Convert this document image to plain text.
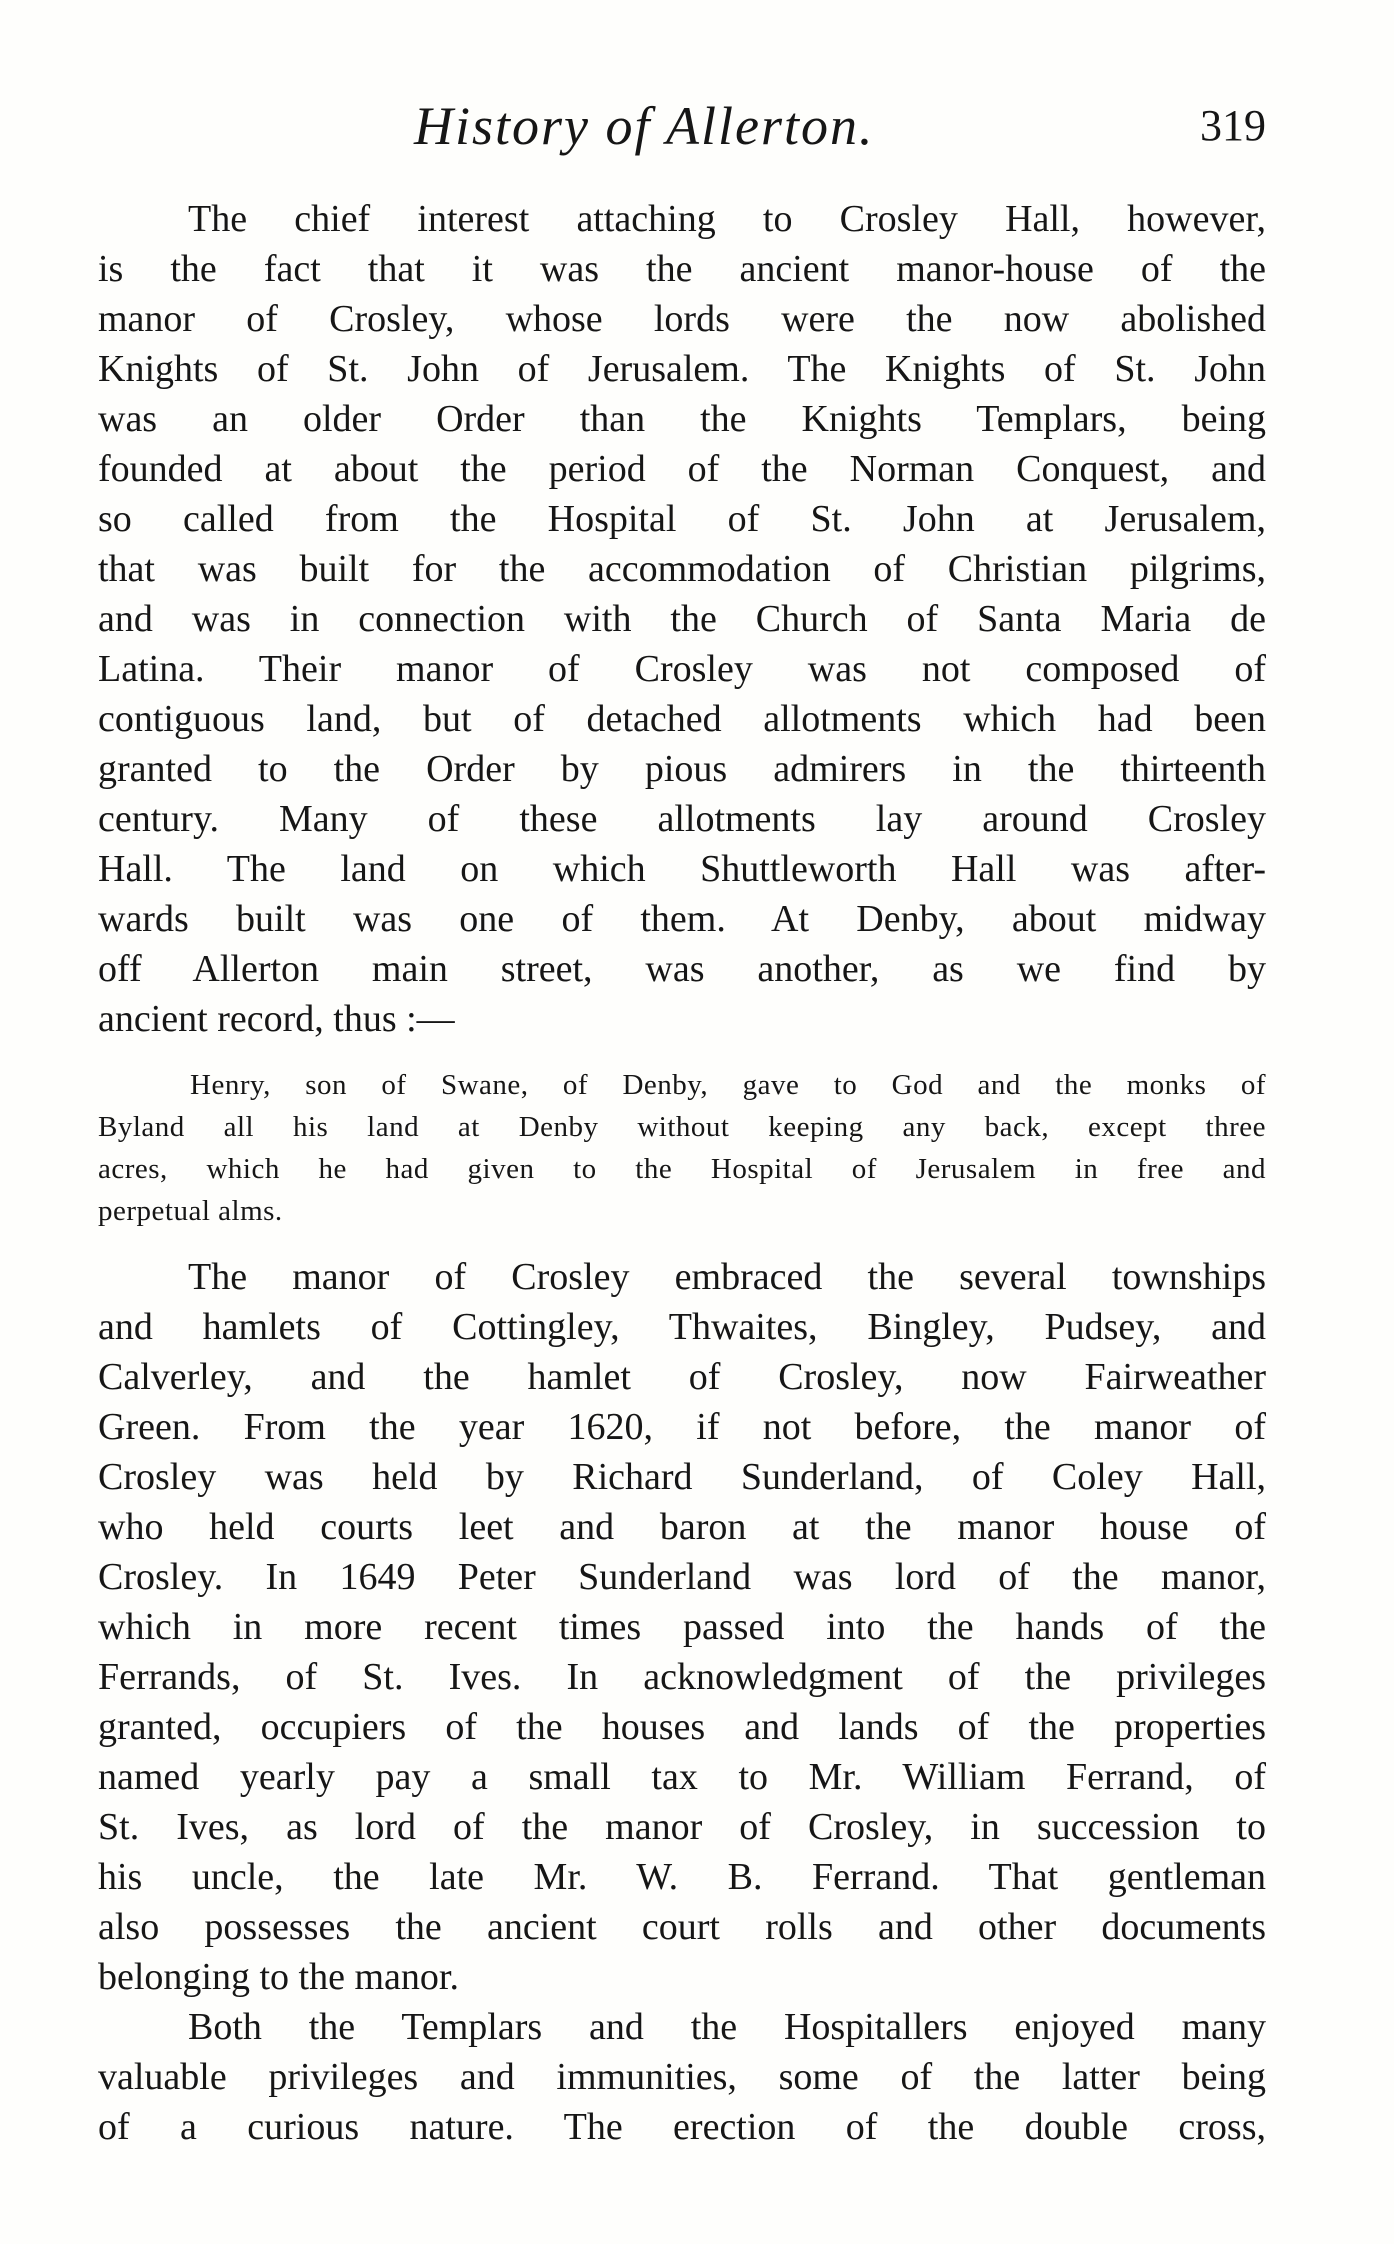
History of Allerton.	319

The chief interest attaching to Crosley Hall, however,
is the fact that it was the ancient manor-house of the
manor of Crosley, whose lords were the now abolished
Knights of St. John of Jerusalem. The Knights of St. John
was an older Order than the Knights Templars, being
founded at about the period of the Norman Conquest, and
so called from the Hospital of St. John at Jerusalem,
that was built for the accommodation of Christian pilgrims,
and was in connection with the Church of Santa Maria de
Latina. Their manor of Crosley was not composed of
contiguous land, but of detached allotments which had been
granted to the Order by pious admirers in the thirteenth
century. Many of these allotments lay around Crosley
Hall. The land on which Shuttleworth Hall was after-
wards built was one of them. At Denby, about midway
off Allerton main street, was another, as we find by
ancient record, thus :—

Henry, son of Swane, of Denby, gave to God and the monks of
Byland all his land at Denby without keeping any back, except three
acres, which he had given to the Hospital of Jerusalem in free and
perpetual alms.

The manor of Crosley embraced the several townships
and hamlets of Cottingley, Thwaites, Bingley, Pudsey, and
Calverley, and the hamlet of Crosley, now Fairweather
Green. From the year 1620, if not before, the manor of
Crosley was held by Richard Sunderland, of Coley Hall,
who held courts leet and baron at the manor house of
Crosley. In 1649 Peter Sunderland was lord of the manor,
which in more recent times passed into the hands of the
Ferrands, of St. Ives. In acknowledgment of the privileges
granted, occupiers of the houses and lands of the properties
named yearly pay a small tax to Mr. William Ferrand, of
St. Ives, as lord of the manor of Crosley, in succession to
his uncle, the late Mr. W. B. Ferrand. That gentleman
also possesses the ancient court rolls and other documents
belonging to the manor.

Both the Templars and the Hospitallers enjoyed many
valuable privileges and immunities, some of the latter being
of a curious nature. The erection of the double cross,
